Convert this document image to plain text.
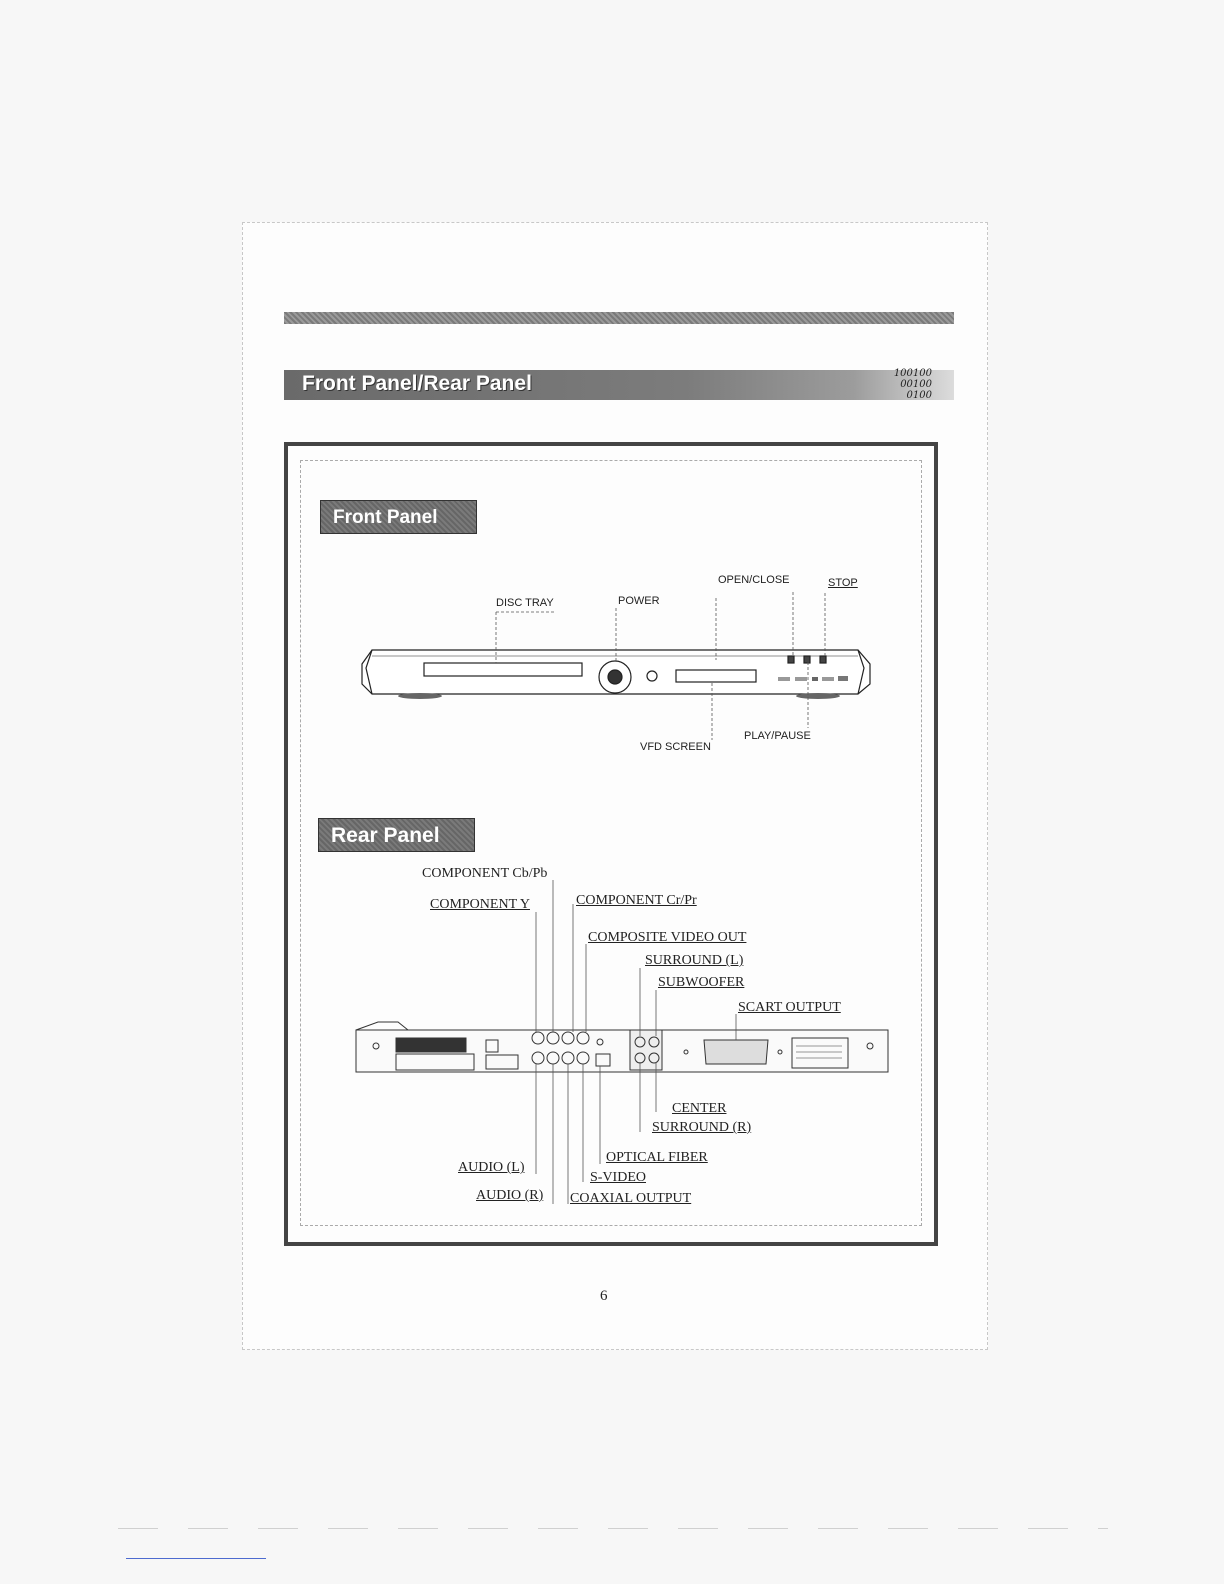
Front Panel/Rear Panel	100100
00100
0100
Front Panel
Rear Panel
DISC TRAY	POWER
OPEN/CLOSE	STOP
VFD SCREEN
PLAY/PAUSE
COMPONENT Cb/Pb
COMPONENT Y	COMPONENT Cr/Pr
COMPOSITE VIDEO OUT
SURROUND (L)
SUBWOOFER
SCART OUTPUT
CENTER
SURROUND (R)
OPTICAL FIBER
S-VIDEO
COAXIAL OUTPUT
AUDIO (L)
AUDIO (R)
6
